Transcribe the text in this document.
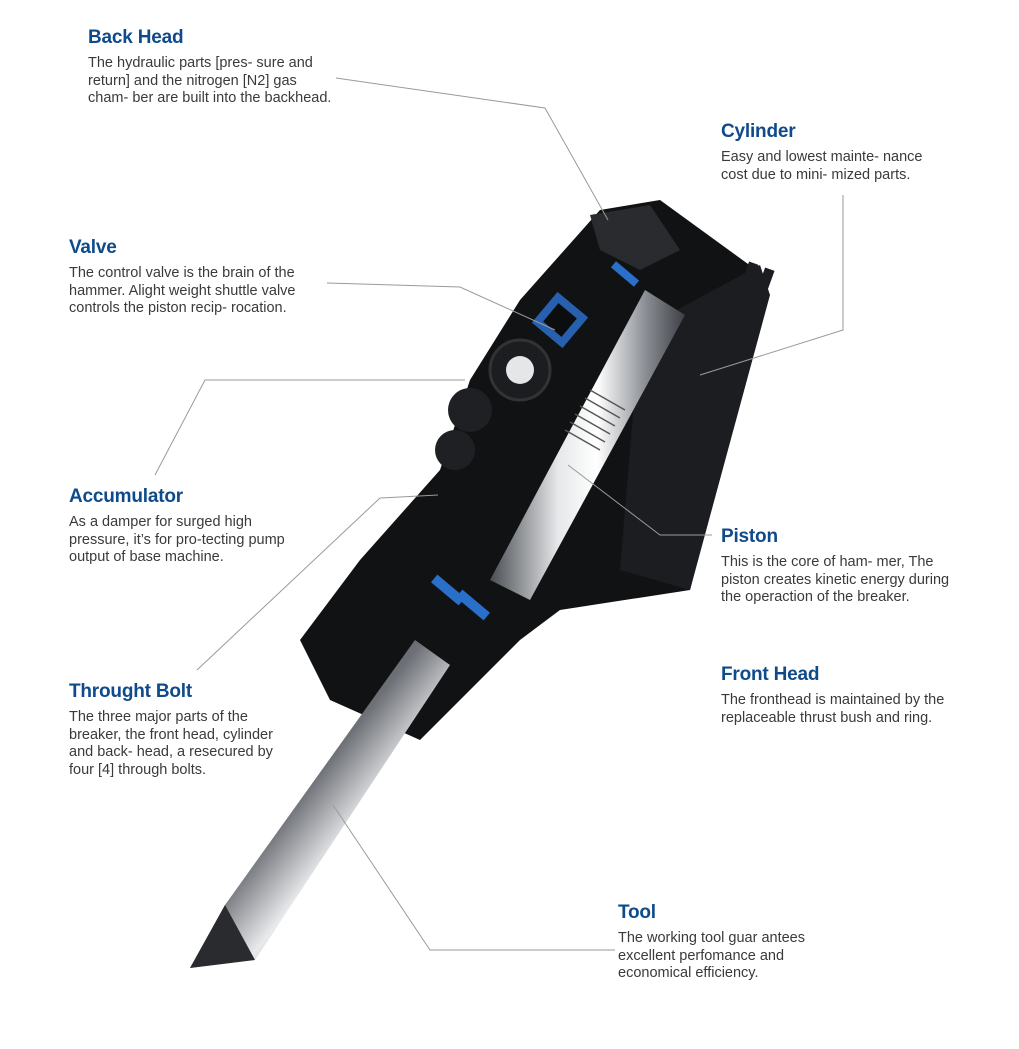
Back Head

The hydraulic parts [pres- sure and return] and the nitrogen [N2] gas cham- ber are built into the backhead.

Cylinder

Easy and lowest mainte- nance cost due to mini- mized parts.

Valve

The control valve is the brain of the hammer. Alight weight shuttle valve controls the piston recip- rocation.

Accumulator

As a damper for surged high pressure, it’s for pro-tecting pump output of base machine.

Piston

This is the core of ham- mer, The piston creates kinetic energy during the operaction of the breaker.

Front Head

The fronthead is maintained by the replaceable thrust bush and ring.

Throught Bolt

The three major parts of the breaker, the front head, cylinder and back- head, a resecured by four [4] through bolts.

Tool

The working tool guar antees excellent perfomance and economical efficiency.
